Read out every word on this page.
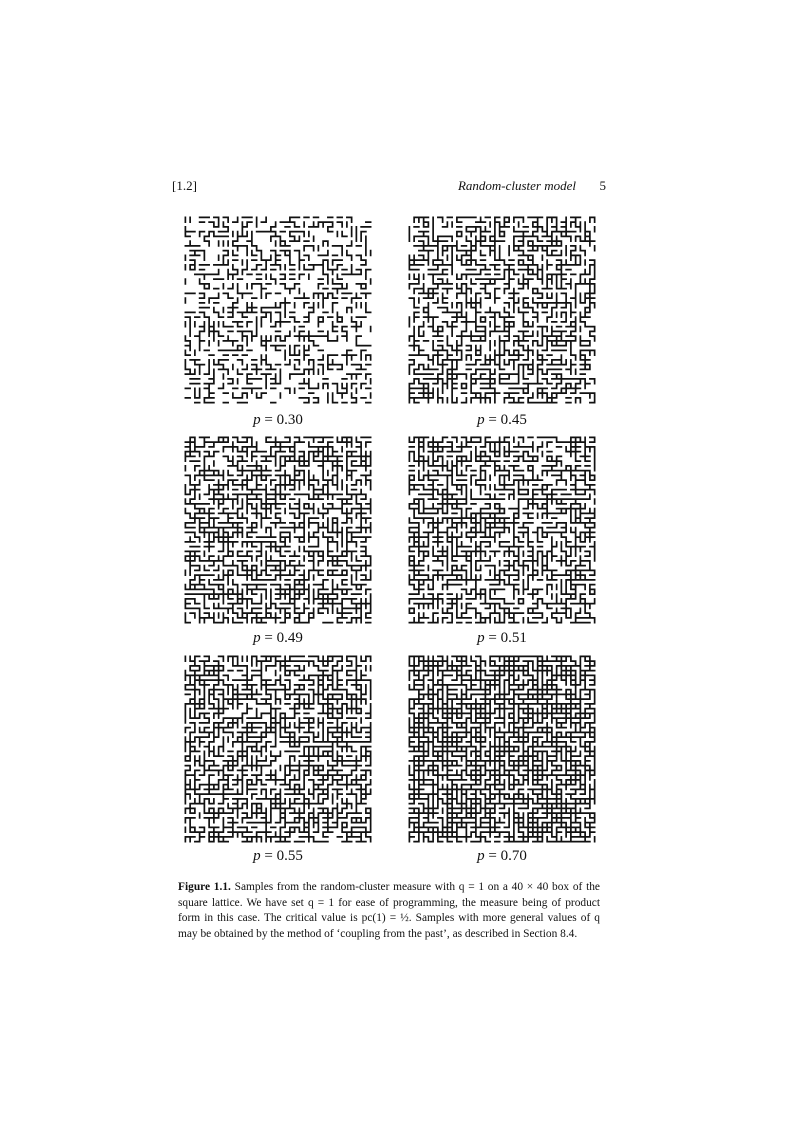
[1.2]	Random-cluster model 5
p = 0.30	p = 0.45
p = 0.49	p = 0.51
p = 0.55	p = 0.70
Figure 1.1. Samples from the random-cluster measure with q = 1 on a 40 × 40 box of the square lattice. We have set q = 1 for ease of programming, the measure being of product form in this case. The critical value is pc(1) = ½. Samples with more general values of q may be obtained by the method of ‘coupling from the past’, as described in Section 8.4.
